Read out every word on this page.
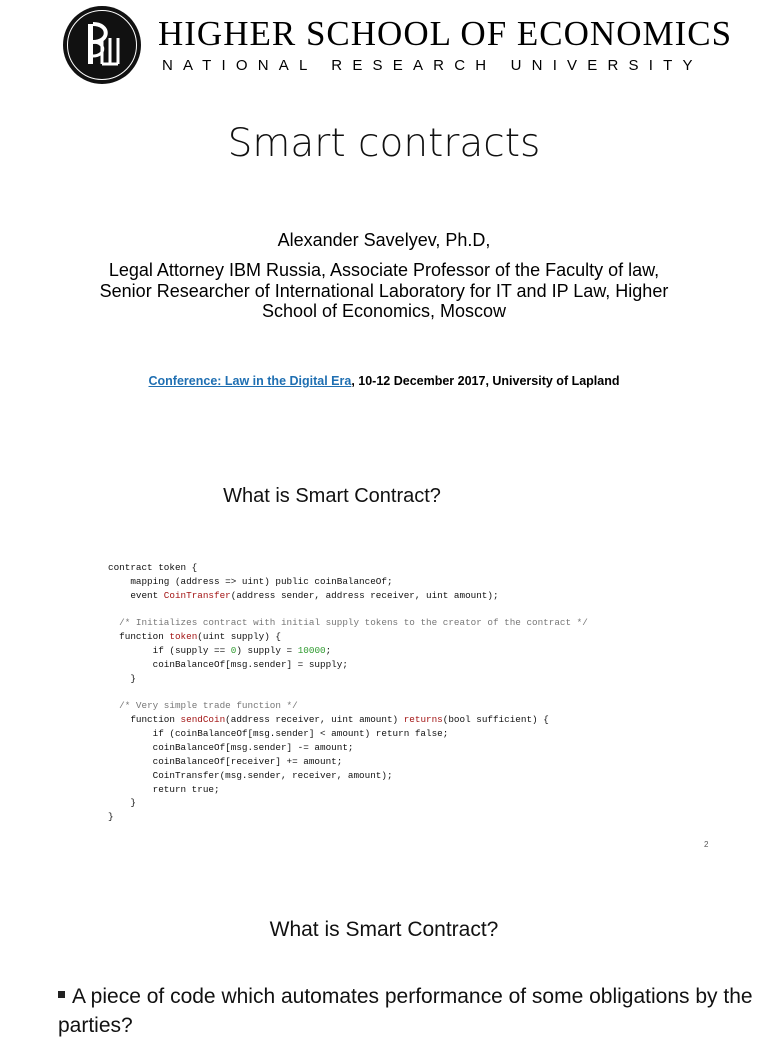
HIGHER SCHOOL OF ECONOMICS
NATIONAL RESEARCH UNIVERSITY
Smart contracts
Alexander Savelyev, Ph.D,
Legal Attorney IBM Russia, Associate Professor of the Faculty of law, Senior Researcher of International Laboratory for IT and IP Law, Higher School of Economics, Moscow
Conference: Law in the Digital Era, 10-12 December 2017, University of Lapland
What is Smart Contract?
contract token {
mapping (address => uint) public coinBalanceOf;
event CoinTransfer(address sender, address receiver, uint amount);

/* Initializes contract with initial supply tokens to the creator of the contract */
function token(uint supply) {
if (supply == 0) supply = 10000;
coinBalanceOf[msg.sender] = supply;
}

/* Very simple trade function */
function sendCoin(address receiver, uint amount) returns(bool sufficient) {
if (coinBalanceOf[msg.sender] < amount) return false;
coinBalanceOf[msg.sender] -= amount;
coinBalanceOf[receiver] += amount;
CoinTransfer(msg.sender, receiver, amount);
return true;
}
}
2
What is Smart Contract?
A piece of code which automates performance of some obligations by the parties?
